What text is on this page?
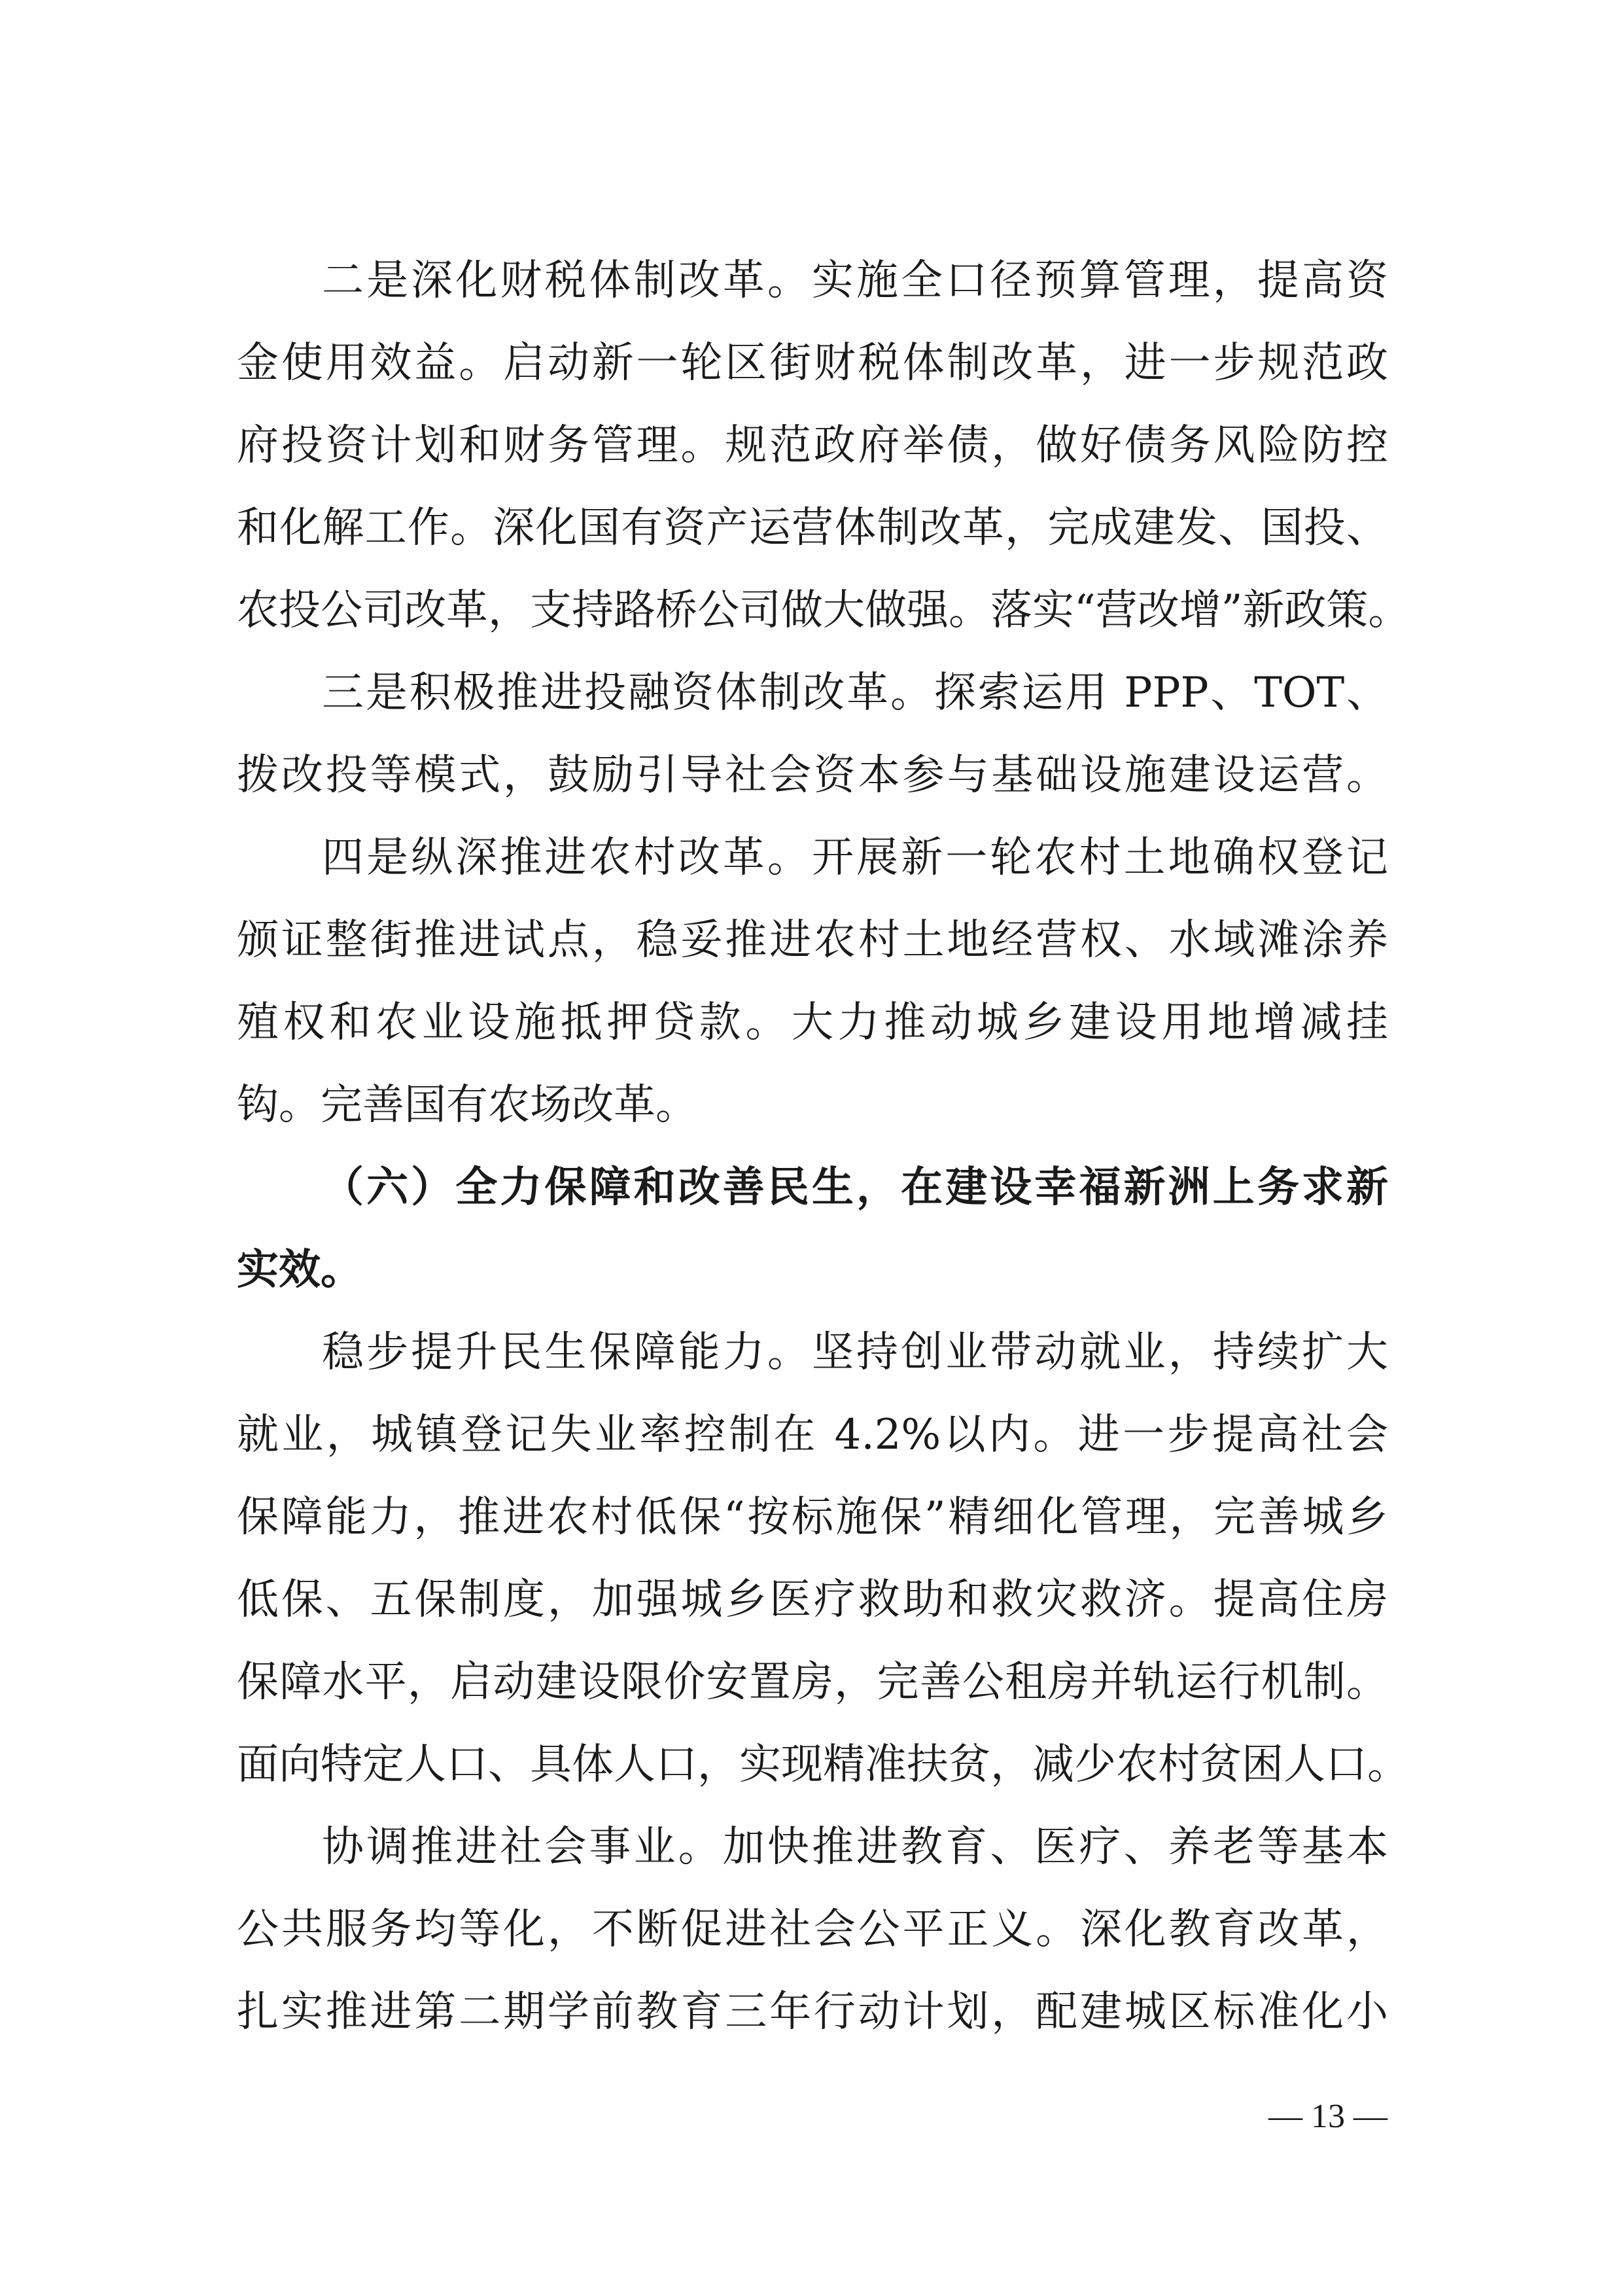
二是深化财税体制改革。实施全口径预算管理，提高资
金使用效益。启动新一轮区街财税体制改革，进一步规范政
府投资计划和财务管理。规范政府举债，做好债务风险防控
和化解工作。深化国有资产运营体制改革，完成建发、国投、
农投公司改革，支持路桥公司做大做强。落实“营改增”新政策。
三是积极推进投融资体制改革。探索运用 PPP、TOT、
拨改投等模式，鼓励引导社会资本参与基础设施建设运营。
四是纵深推进农村改革。开展新一轮农村土地确权登记
颁证整街推进试点，稳妥推进农村土地经营权、水域滩涂养
殖权和农业设施抵押贷款。大力推动城乡建设用地增减挂
钩。完善国有农场改革。
（六）全力保障和改善民生，在建设幸福新洲上务求新
实效。
稳步提升民生保障能力。坚持创业带动就业，持续扩大
就业，城镇登记失业率控制在 4.2%以内。进一步提高社会
保障能力，推进农村低保“按标施保”精细化管理，完善城乡
低保、五保制度，加强城乡医疗救助和救灾救济。提高住房
保障水平，启动建设限价安置房，完善公租房并轨运行机制。
面向特定人口、具体人口，实现精准扶贫，减少农村贫困人口。
协调推进社会事业。加快推进教育、医疗、养老等基本
公共服务均等化，不断促进社会公平正义。深化教育改革，
扎实推进第二期学前教育三年行动计划，配建城区标准化小
— 13 —
